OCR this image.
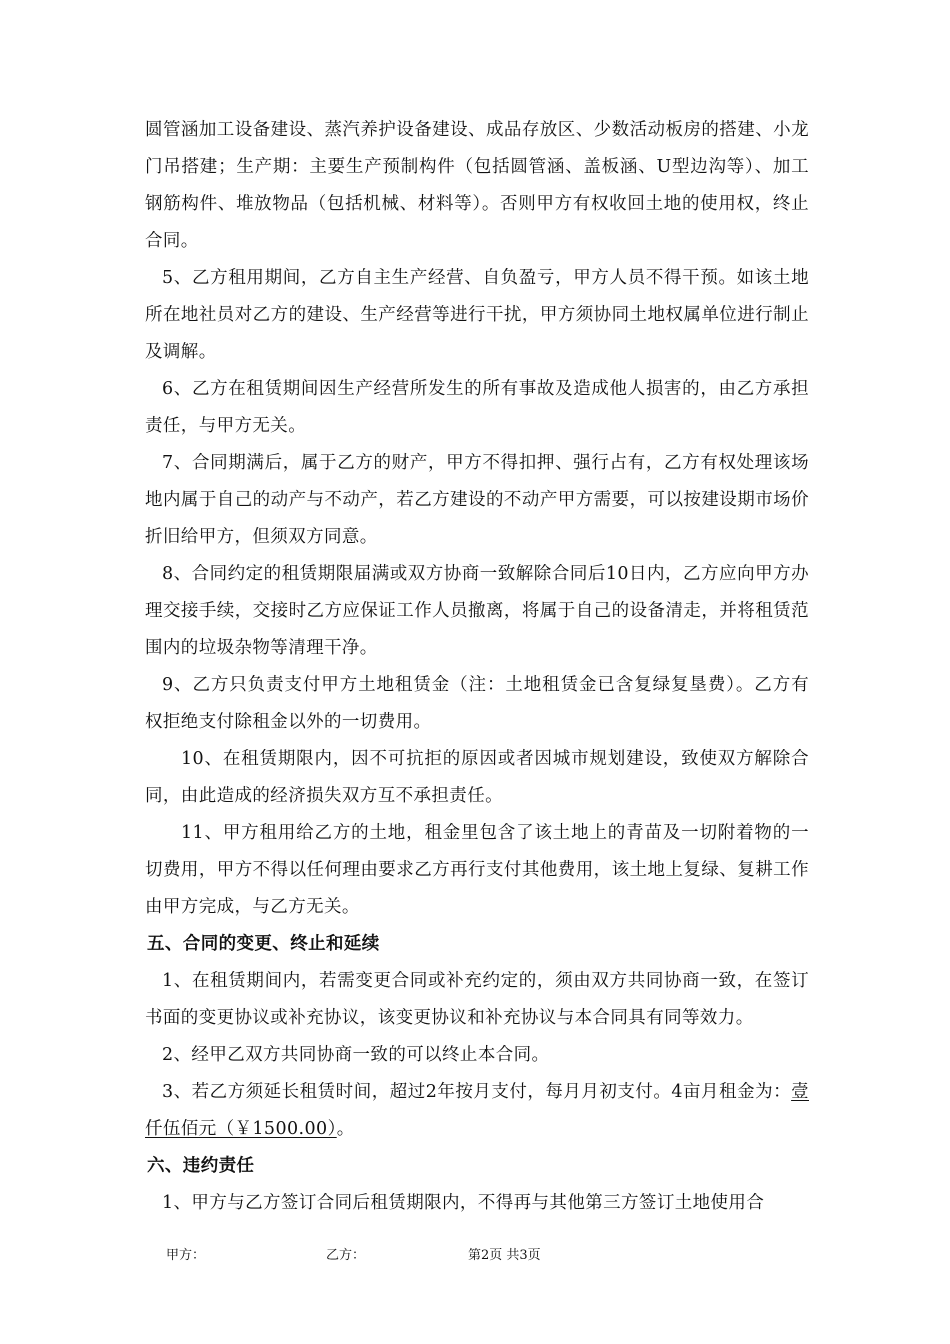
圆管涵加工设备建设、蒸汽养护设备建设、成品存放区、少数活动板房的搭建、小龙门吊搭建；生产期：主要生产预制构件（包括圆管涵、盖板涵、U型边沟等）、加工钢筋构件、堆放物品（包括机械、材料等）。否则甲方有权收回土地的使用权，终止合同。

5、乙方租用期间，乙方自主生产经营、自负盈亏，甲方人员不得干预。如该土地所在地社员对乙方的建设、生产经营等进行干扰，甲方须协同土地权属单位进行制止及调解。

6、乙方在租赁期间因生产经营所发生的所有事故及造成他人损害的，由乙方承担责任，与甲方无关。

7、合同期满后，属于乙方的财产，甲方不得扣押、强行占有，乙方有权处理该场地内属于自己的动产与不动产，若乙方建设的不动产甲方需要，可以按建设期市场价折旧给甲方，但须双方同意。

8、合同约定的租赁期限届满或双方协商一致解除合同后10日内，乙方应向甲方办理交接手续，交接时乙方应保证工作人员撤离，将属于自己的设备清走，并将租赁范围内的垃圾杂物等清理干净。

9、乙方只负责支付甲方土地租赁金（注：土地租赁金已含复绿复垦费）。乙方有权拒绝支付除租金以外的一切费用。

10、在租赁期限内，因不可抗拒的原因或者因城市规划建设，致使双方解除合同，由此造成的经济损失双方互不承担责任。

11、甲方租用给乙方的土地，租金里包含了该土地上的青苗及一切附着物的一切费用，甲方不得以任何理由要求乙方再行支付其他费用，该土地上复绿、复耕工作由甲方完成，与乙方无关。

五、合同的变更、终止和延续

1、在租赁期间内，若需变更合同或补充约定的，须由双方共同协商一致，在签订书面的变更协议或补充协议，该变更协议和补充协议与本合同具有同等效力。

2、经甲乙双方共同协商一致的可以终止本合同。

3、若乙方须延长租赁时间，超过2年按月支付，每月月初支付。4亩月租金为：壹仟伍佰元（￥1500.00）。

六、违约责任

1、甲方与乙方签订合同后租赁期限内，不得再与其他第三方签订土地使用合

甲方：	乙方：	第2页 共3页
